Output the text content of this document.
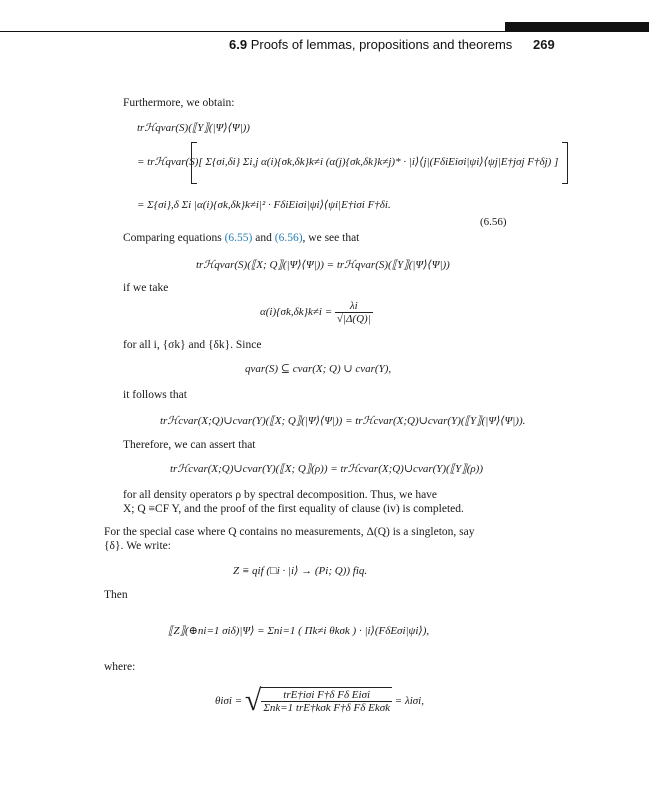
6.9 Proofs of lemmas, propositions and theorems 269
Furthermore, we obtain:
trℋqvar(S)(⟦Y⟧(|Ψ⟩⟨Ψ|))
= trℋqvar(S)[ Σ{σi,δi} Σi,j α(i){σk,δk}k≠i (α(j){σk,δk}k≠j)* · |i⟩⟨j|(FδiEiσi|ψi⟩⟨ψj|E†jσj F†δj) ]
= Σ{σi},δ Σi |α(i){σk,δk}k≠i|² · FδiEiσi|ψi⟩⟨ψi|E†iσi F†δi.
(6.56)
Comparing equations (6.55) and (6.56), we see that
trℋqvar(S)(⟦X; Q⟧(|Ψ⟩⟨Ψ|)) = trℋqvar(S)(⟦Y⟧(|Ψ⟩⟨Ψ|))
if we take
$\alpha(i)\{\sigma k,\delta k\}k\ne i = \frac{\lambda i}{√|\Delta(Q)|}$
for all i, {σk} and {δk}. Since
qvar(S) ⊆ cvar(X; Q) ∪ cvar(Y),
it follows that
trℋcvar(X;Q)∪cvar(Y)(⟦X; Q⟧(|Ψ⟩⟨Ψ|)) = trℋcvar(X;Q)∪cvar(Y)(⟦Y⟧(|Ψ⟩⟨Ψ|)).
Therefore, we can assert that
trℋcvar(X;Q)∪cvar(Y)(⟦X; Q⟧(ρ)) = trℋcvar(X;Q)∪cvar(Y)(⟦Y⟧(ρ))
for all density operators ρ by spectral decomposition. Thus, we have
X; Q ≡CF Y, and the proof of the first equality of clause (iv) is completed.
For the special case where Q contains no measurements, Δ(Q) is a singleton, say
{δ}. We write:
Z ≡ qif (□i · |i⟩ → (Pi; Q)) fiq.
Then
⟦Z⟧(⊕ni=1 σiδ)|Ψ⟩ = Σni=1 ( Πk≠i θkσk ) · |i⟩(FδEσi|ψi⟩),
where:
θiσi = √ $\frac{\text{trE†iσi F†δ Fδ Eiσi}}{\text{Σnk=1 trE†kσk F†δ Fδ Ekσk}} = \lambda i\sigma i$,
